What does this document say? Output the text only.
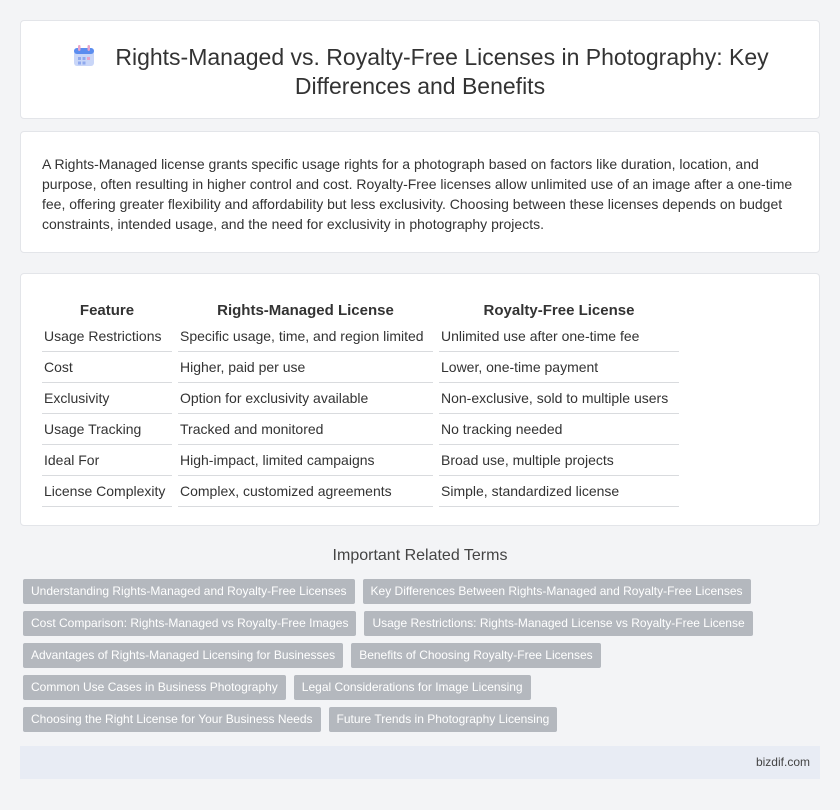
Rights-Managed vs. Royalty-Free Licenses in Photography: Key Differences and Benefits

A Rights-Managed license grants specific usage rights for a photograph based on factors like duration, location, and purpose, often resulting in higher control and cost. Royalty-Free licenses allow unlimited use of an image after a one-time fee, offering greater flexibility and affordability but less exclusivity. Choosing between these licenses depends on budget constraints, intended usage, and the need for exclusivity in photography projects.

Feature	Rights-Managed License	Royalty-Free License
Usage Restrictions	Specific usage, time, and region limited	Unlimited use after one-time fee
Cost	Higher, paid per use	Lower, one-time payment
Exclusivity	Option for exclusivity available	Non-exclusive, sold to multiple users
Usage Tracking	Tracked and monitored	No tracking needed
Ideal For	High-impact, limited campaigns	Broad use, multiple projects
License Complexity	Complex, customized agreements	Simple, standardized license
Important Related Terms
Understanding Rights-Managed and Royalty-Free Licenses	Key Differences Between Rights-Managed and Royalty-Free Licenses
Cost Comparison: Rights-Managed vs Royalty-Free Images	Usage Restrictions: Rights-Managed License vs Royalty-Free License
Advantages of Rights-Managed Licensing for Businesses	Benefits of Choosing Royalty-Free Licenses
Common Use Cases in Business Photography	Legal Considerations for Image Licensing
Choosing the Right License for Your Business Needs	Future Trends in Photography Licensing
bizdif.com
